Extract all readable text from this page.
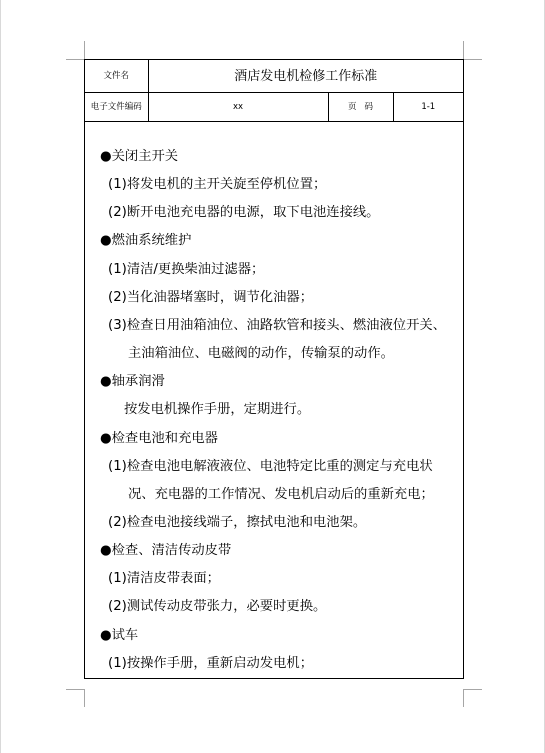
文件名	酒店发电机检修工作标准		
电子文件编码	xx	页   码	1-1
●关闭主开关
(1)将发电机的主开关旋至停机位置；
(2)断开电池充电器的电源，取下电池连接线。
●燃油系统维护
(1)清洁/更换柴油过滤器；
(2)当化油器堵塞时，调节化油器；
(3)检查日用油箱油位、油路软管和接头、燃油液位开关、
主油箱油位、电磁阀的动作，传输泵的动作。
●轴承润滑
按发电机操作手册，定期进行。
●检查电池和充电器
(1)检查电池电解液液位、电池特定比重的测定与充电状
况、充电器的工作情况、发电机启动后的重新充电；
(2)检查电池接线端子，擦拭电池和电池架。
●检查、清洁传动皮带
(1)清洁皮带表面；
(2)测试传动皮带张力，必要时更换。
●试车
(1)按操作手册，重新启动发电机；
